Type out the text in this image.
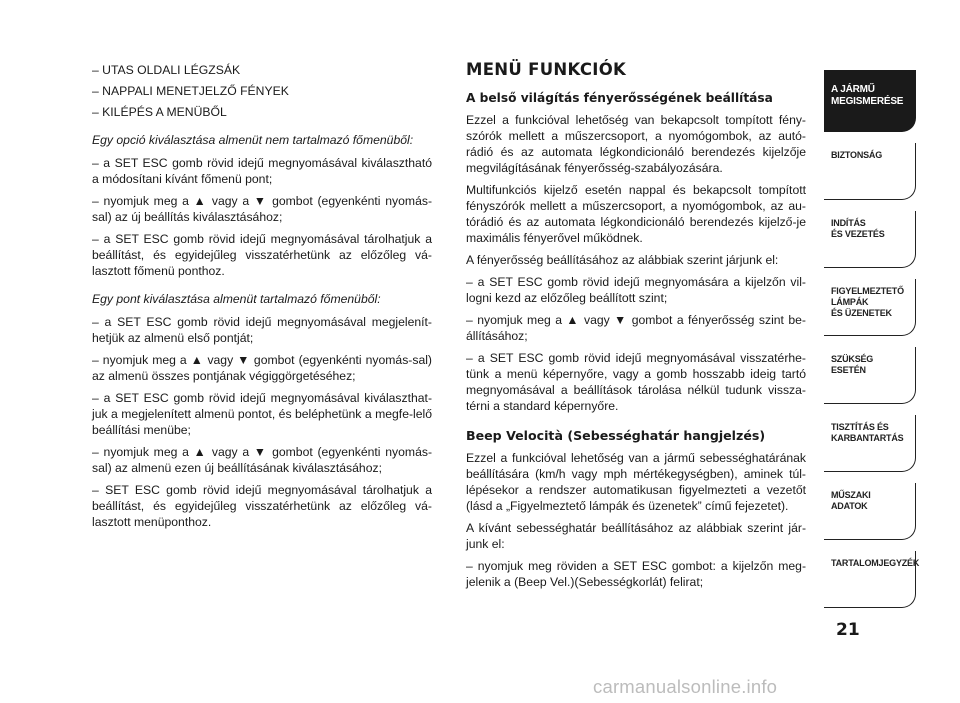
– UTAS OLDALI LÉGZSÁK

– NAPPALI MENETJELZŐ FÉNYEK

– KILÉPÉS A MENÜBŐL

Egy opció kiválasztása almenüt nem tartalmazó főmenüből:

– a SET ESC gomb rövid idejű megnyomásával kiválasztható a módosítani kívánt főmenü pont;

– nyomjuk meg a ▲ vagy a ▼ gombot (egyenkénti nyomás-sal) az új beállítás kiválasztásához;

– a SET ESC gomb rövid idejű megnyomásával tárolhatjuk a beállítást, és egyidejűleg visszatérhetünk az előzőleg vá-lasztott főmenü ponthoz.

Egy pont kiválasztása almenüt tartalmazó főmenüből:

– a SET ESC gomb rövid idejű megnyomásával megjelenít-hetjük az almenü első pontját;

– nyomjuk meg a ▲ vagy ▼ gombot (egyenkénti nyomás-sal) az almenü összes pontjának végiggörgetéséhez;

– a SET ESC gomb rövid idejű megnyomásával kiválaszthat-juk a megjelenített almenü pontot, és beléphetünk a megfe-lelő beállítási menübe;

– nyomjuk meg a ▲ vagy a ▼ gombot (egyenkénti nyomás-sal) az almenü ezen új beállításának kiválasztásához;

– SET ESC gomb rövid idejű megnyomásával tárolhatjuk a beállítást, és egyidejűleg visszatérhetünk az előzőleg vá-lasztott menüponthoz.

MENÜ FUNKCIÓK
A belső világítás fényerősségének beállítása

Ezzel a funkcióval lehetőség van bekapcsolt tompított fény-szórók mellett a műszercsoport, a nyomógombok, az autó-rádió és az automata légkondicionáló berendezés kijelzője megvilágításának fényerősség-szabályozására.

Multifunkciós kijelző esetén nappal és bekapcsolt tompított fényszórók mellett a műszercsoport, a nyomógombok, az au-tórádió és az automata légkondicionáló berendezés kijelző-je maximális fényerővel működnek.

A fényerősség beállításához az alábbiak szerint járjunk el:

– a SET ESC gomb rövid idejű megnyomására a kijelzőn vil-logni kezd az előzőleg beállított szint;

– nyomjuk meg a ▲ vagy ▼ gombot a fényerősség szint be-állításához;

– a SET ESC gomb rövid idejű megnyomásával visszatérhe-tünk a menü képernyőre, vagy a gomb hosszabb ideig tartó megnyomásával a beállítások tárolása nélkül tudunk vissza-térni a standard képernyőre.

Beep Velocità (Sebességhatár hangjelzés)

Ezzel a funkcióval lehetőség van a jármű sebességhatárának beállítására (km/h vagy mph mértékegységben), aminek túl-lépésekor a rendszer automatikusan figyelmezteti a vezetőt (lásd a „Figyelmeztető lámpák és üzenetek” című fejezetet).

A kívánt sebességhatár beállításához az alábbiak szerint jár-junk el:

– nyomjuk meg röviden a SET ESC gombot: a kijelzőn meg-jelenik a (Beep Vel.)(Sebességkorlát) felirat;

A JÁRMŰ
MEGISMERÉSE
BIZTONSÁG
INDÍTÁS
ÉS VEZETÉS
FIGYELMEZTETŐ
LÁMPÁK
ÉS ÜZENETEK
SZÜKSÉG
ESETÉN
TISZTÍTÁS ÉS
KARBANTARTÁS
MŰSZAKI
ADATOK
TARTALOMJEGYZÉK
21
carmanualsonline.info
